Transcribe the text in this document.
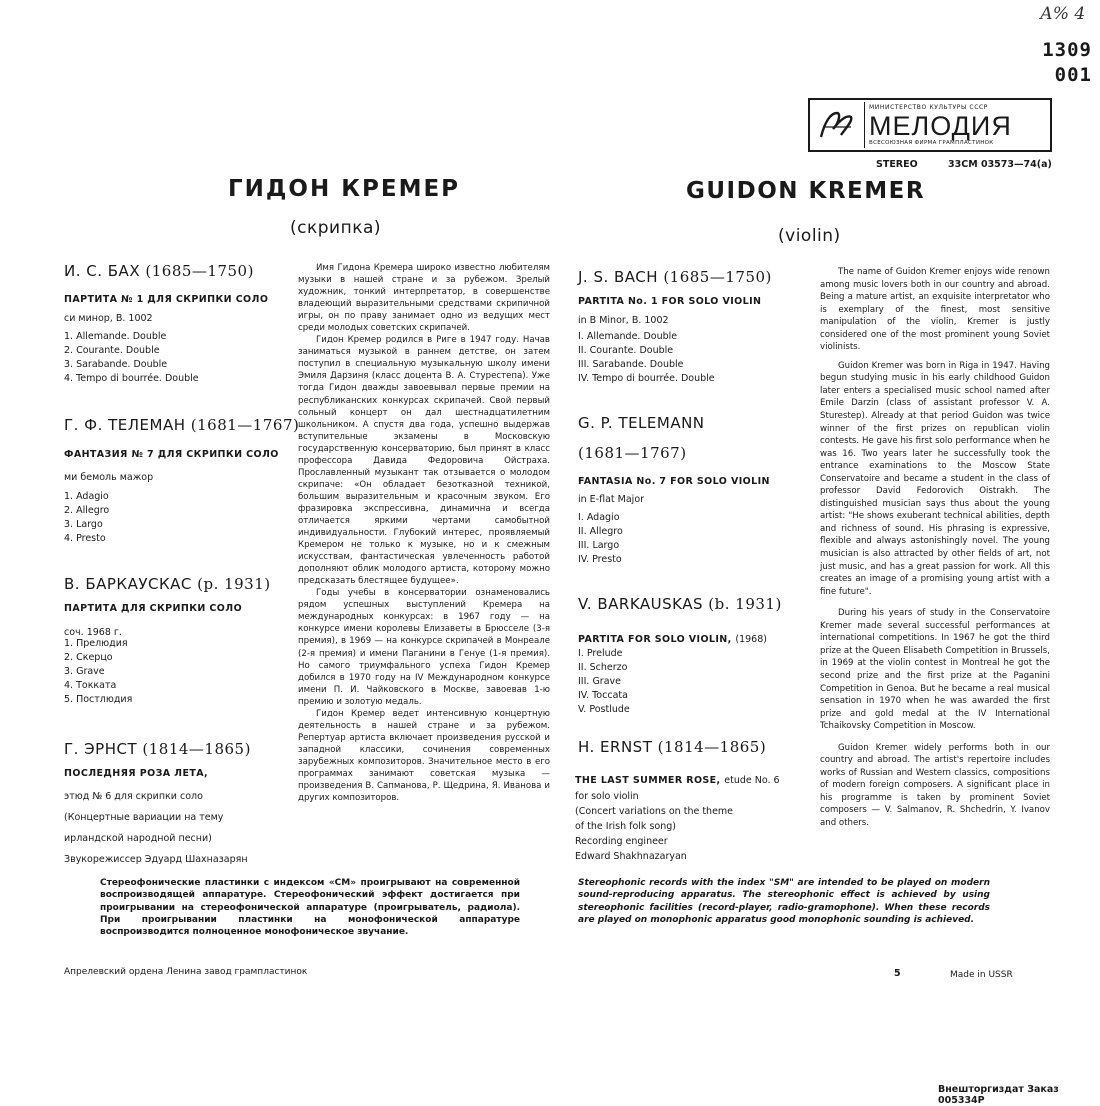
А% 4
1309
001
МИНИСТЕРСТВО КУЛЬТУРЫ СССР
МЕЛОДИЯ
ВСЕСОЮЗНАЯ ФИРМА ГРАМПЛАСТИНОК
STEREO	33СМ 03573—74(а)
ГИДОН КРЕМЕР
(скрипка)
GUIDON KREMER
(violin)
И. С. БАХ (1685—1750)
ПАРТИТА № 1 ДЛЯ СКРИПКИ СОЛО
си минор, В. 1002
1. Allemande. Double
2. Courante. Double
3. Sarabande. Double
4. Tempo di bourrée. Double
Г. Ф. ТЕЛЕМАН (1681—1767)
ФАНТАЗИЯ № 7 ДЛЯ СКРИПКИ СОЛО
ми бемоль мажор
1. Adagio
2. Allegro
3. Largo
4. Presto
В. БАРКАУСКАС (р. 1931)
ПАРТИТА ДЛЯ СКРИПКИ СОЛО
соч. 1968 г.
1. Прелюдия
2. Скерцо
3. Grave
4. Токката
5. Постлюдия
Г. ЭРНСТ (1814—1865)
ПОСЛЕДНЯЯ РОЗА ЛЕТА,
этюд № 6 для скрипки соло
(Концертные вариации на тему
ирландской народной песни)
Звукорежиссер Эдуард Шахназарян

Имя Гидона Кремера широко известно любителям музыки в нашей стране и за рубежом. Зрелый художник, тонкий интерпретатор, в совершенстве владеющий выразительными средствами скрипичной игры, он по праву занимает одно из ведущих мест среди молодых советских скрипачей.

Гидон Кремер родился в Риге в 1947 году. Начав заниматься музыкой в раннем детстве, он затем поступил в специальную музыкальную школу имени Эмиля Дарзиня (класс доцента В. А. Стурестепа). Уже тогда Гидон дважды завоевывал первые премии на республиканских конкурсах скрипачей. Свой первый сольный концерт он дал шестнадцатилетним школьником. А спустя два года, успешно выдержав вступительные экзамены в Московскую государственную консерваторию, был принят в класс профессора Давида Федоровича Ойстраха. Прославленный музыкант так отзывается о молодом скрипаче: «Он обладает безотказной техникой, большим выразительным и красочным звуком. Его фразировка экспрессивна, динамична и всегда отличается яркими чертами самобытной индивидуальности. Глубокий интерес, проявляемый Кремером не только к музыке, но и к смежным искусствам, фантастическая увлеченность работой дополняют облик молодого артиста, которому можно предсказать блестящее будущее».

Годы учебы в консерватории ознаменовались рядом успешных выступлений Кремера на международных конкурсах: в 1967 году — на конкурсе имени королевы Елизаветы в Брюсселе (3-я премия), в 1969 — на конкурсе скрипачей в Монреале (2-я премия) и имени Паганини в Генуе (1-я премия). Но самого триумфального успеха Гидон Кремер добился в 1970 году на IV Международном конкурсе имени П. И. Чайковского в Москве, завоевав 1-ю премию и золотую медаль.

Гидон Кремер ведет интенсивную концертную деятельность в нашей стране и за рубежом. Репертуар артиста включает произведения русской и западной классики, сочинения современных зарубежных композиторов. Значительное место в его программах занимают советская музыка — произведения В. Сапманова, Р. Щедрина, Я. Иванова и других композиторов.

J. S. BACH (1685—1750)
PARTITA No. 1 FOR SOLO VIOLIN
in B Minor, B. 1002
I. Allemande. Double
II. Courante. Double
III. Sarabande. Double
IV. Tempo di bourrée. Double
G. P. TELEMANN
(1681—1767)
FANTASIA No. 7 FOR SOLO VIOLIN
in E-flat Major
I. Adagio
II. Allegro
III. Largo
IV. Presto
V. BARKAUSKAS (b. 1931)
PARTITA FOR SOLO VIOLIN, (1968)
I. Prelude
II. Scherzo
III. Grave
IV. Toccata
V. Postlude
H. ERNST (1814—1865)
THE LAST SUMMER ROSE, etude No. 6
for solo violin
(Concert variations on the theme
of the Irish folk song)
Recording engineer
Edward Shakhnazaryan

The name of Guidon Kremer enjoys wide renown among music lovers both in our country and abroad. Being a mature artist, an exquisite interpretator who is exemplary of the finest, most sensitive manipulation of the violin, Kremer is justly considered one of the most prominent young Soviet violinists.

Guidon Kremer was born in Riga in 1947. Having begun studying music in his early childhood Guidon later enters a specialised music school named after Emile Darzin (class of assistant professor V. A. Sturestep). Already at that period Guidon was twice winner of the first prizes on republican violin contests. He gave his first solo performance when he was 16. Two years later he successfully took the entrance examinations to the Moscow State Conservatoire and became a student in the class of professor David Fedorovich Oistrakh. The distinguished musician says thus about the young artist: "He shows exuberant technical abilities, depth and richness of sound. His phrasing is expressive, flexible and always astonishingly novel. The young musician is also attracted by other fields of art, not just music, and has a great passion for work. All this creates an image of a promising young artist with a fine future".

During his years of study in the Conservatoire Kremer made several successful performances at international competitions. In 1967 he got the third prize at the Queen Elisabeth Competition in Brussels, in 1969 at the violin contest in Montreal he got the second prize and the first prize at the Paganini Competition in Genoa. But he became a real musical sensation in 1970 when he was awarded the first prize and gold medal at the IV International Tchaikovsky Competition in Moscow.

Guidon Kremer widely performs both in our country and abroad. The artist's repertoire includes works of Russian and Western classics, compositions of modern foreign composers. A significant place in his programme is taken by prominent Soviet composers — V. Salmanov, R. Shchedrin, Y. Ivanov and others.

Стереофонические пластинки с индексом «СМ» проигрывают на современной воспроизводящей аппаратуре. Стереофонический эффект достигается при проигрывании на стереофонической аппаратуре (проигрыватель, радиола). При проигрывании пластинки на монофонической аппаратуре воспроизводится полноценное монофоническое звучание.
Stereophonic records with the index "SM" are intended to be played on modern sound-reproducing apparatus. The stereophonic effect is achieved by using stereophonic facilities (record-player, radio-gramophone). When these records are played on monophonic apparatus good monophonic sounding is achieved.
Апрелевский ордена Ленина завод грампластинок	5	Made in USSR
Внешторгиздат Заказ 005334Р
